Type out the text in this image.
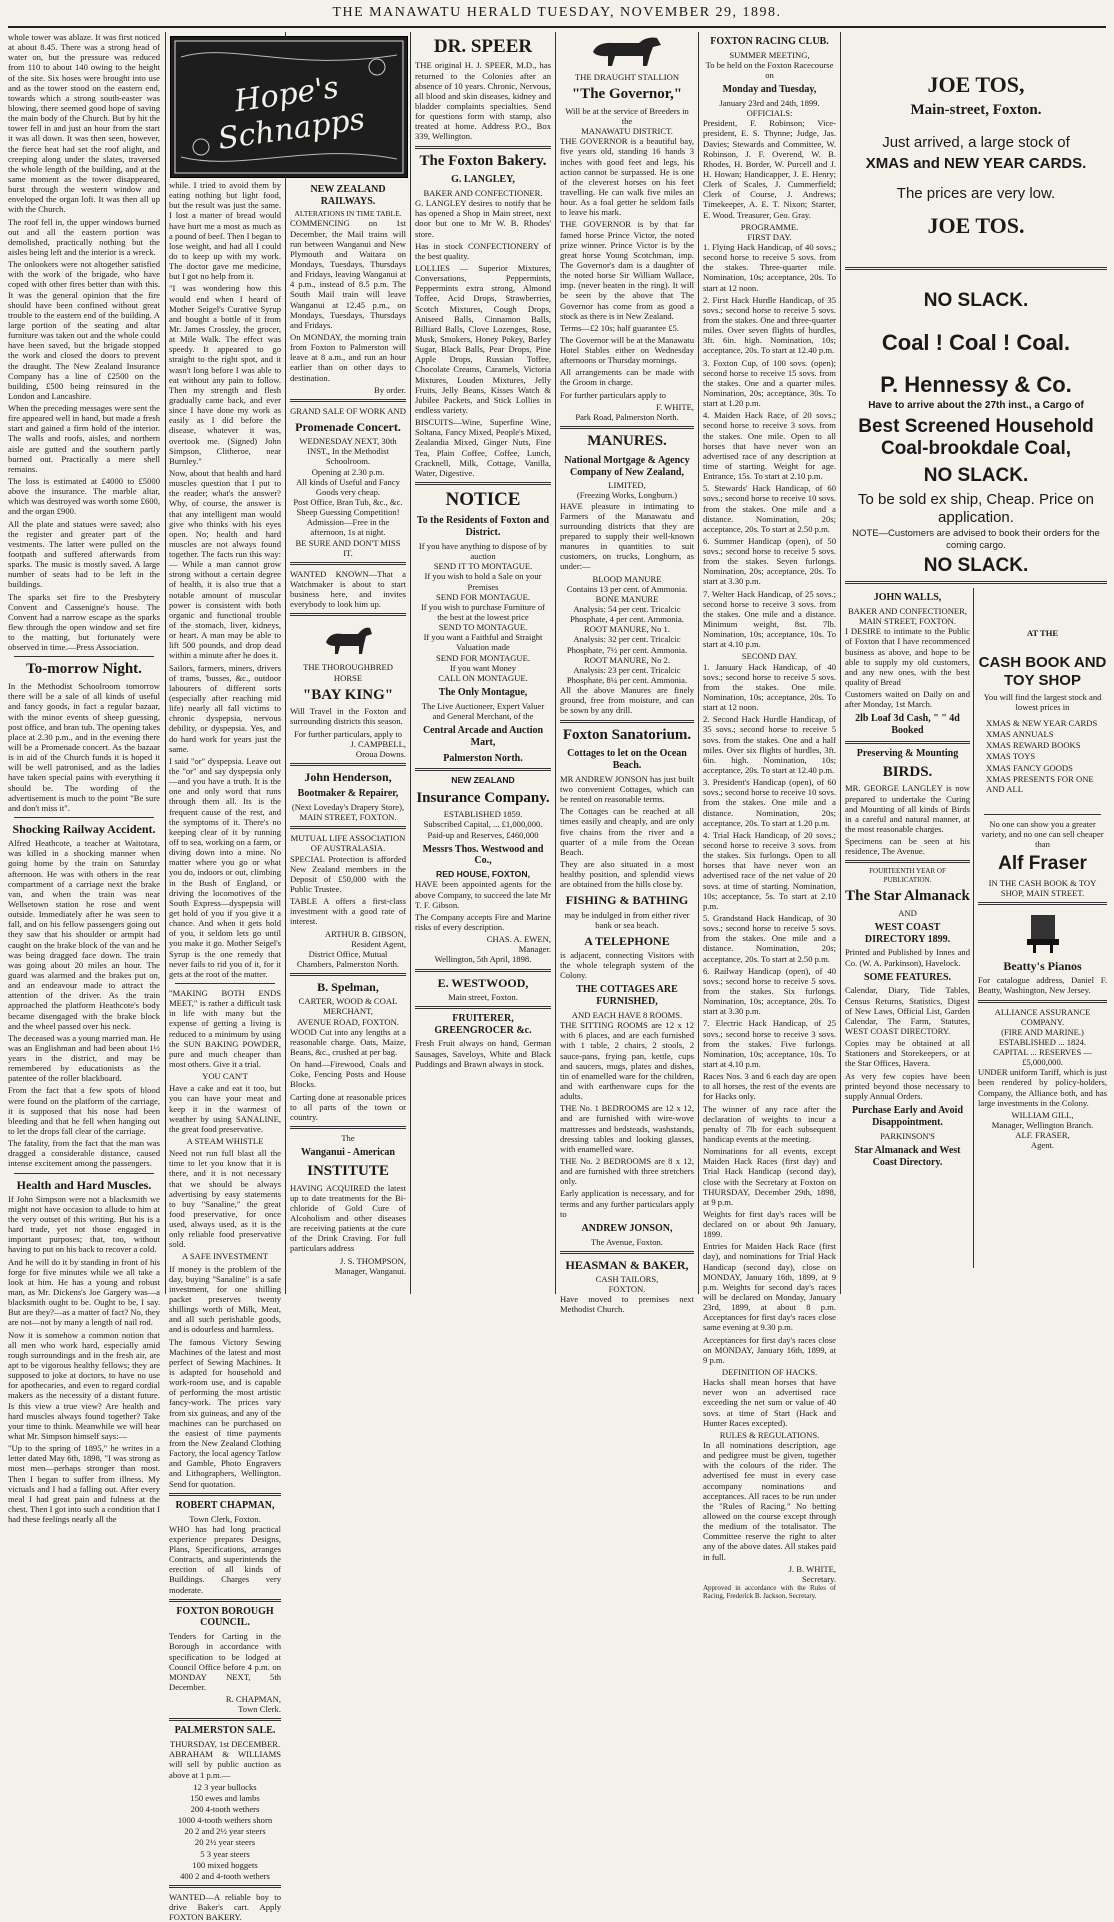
THE MANAWATU HERALD TUESDAY, NOVEMBER 29, 1898.

whole tower was ablaze. It was first noticed at about 8.45. There was a strong head of water on, but the pressure was reduced from 110 to about 140 owing to the height of the site. Six hoses were brought into use and as the tower stood on the eastern end, towards which a strong south-easter was blowing, there seemed good hope of saving the main body of the Church. But by hit the tower fell in and just an hour from the start it was all down. It was then seen, however, the fierce heat had set the roof alight, and creeping along under the slates, traversed the whole length of the building, and at the same moment as the tower disappeared, burst through the western window and enveloped the organ loft. It was then all up with the Church.

The roof fell in, the upper windows burned out and all the eastern portion was demolished, practically nothing but the aisles being left and the interior is a wreck.

The onlookers were not altogether satisfied with the work of the brigade, who have coped with other fires better than with this. It was the general opinion that the fire should have been confined without great trouble to the eastern end of the building. A large portion of the seating and altar furniture was taken out and the whole could have been saved, but the brigade stopped the work and closed the doors to prevent the draught. The New Zealand Insurance Company has a line of £2500 on the building, £500 being reinsured in the London and Lancashire.

When the preceding messages were sent the fire appeared well in hand, but made a fresh start and gained a firm hold of the interior. The walls and roofs, aisles, and northern aisle are gutted and the southern partly burned out. Practically a mere shell remains.

The loss is estimated at £4000 to £5000 above the insurance. The marble altar, which was destroyed was worth some £600, and the organ £900.

All the plate and statues were saved; also the register and greater part of the vestments. The latter were pulled on the footpath and suffered afterwards from sparks. The music is mostly saved. A large number of seats had to be left in the buildings.

The sparks set fire to the Presbytery Convent and Cassenigne's house. The Convent had a narrow escape as the sparks flew through the open window and set fire to the matting, but fortunately were observed in time.—Press Association.

To-morrow Night.

In the Methodist Schoolroom tomorrow there will be a sale of all kinds of useful and fancy goods, in fact a regular bazaar, with the minor events of sheep guessing, post office, and bran tub. The opening takes place at 2.30 p.m., and in the evening there will be a Promenade concert. As the bazaar is in aid of the Church funds it is hoped it will be well patronised, and as the ladies have taken special pains with everything it should be. The wording of the advertisement is much to the point "Be sure and don't miss it".

Shocking Railway Accident.

Alfred Heathcote, a teacher at Waitotara, was killed in a shocking manner when going home by the train on Saturday afternoon. He was with others in the rear compartment of a carriage next the brake van, and when the train was near Wellsetown station he rose and went outside. Immediately after he was seen to fall, and on his fellow passengers going out they saw that his shoulder or armpit had caught on the brake block of the van and he was being dragged face down. The train was going about 20 miles an hour. The guard was alarmed and the brakes put on, and an endeavour made to attract the attention of the driver. As the train approached the platform Heathcote's body became disengaged with the brake block and the wheel passed over his neck.

The deceased was a young married man. He was an Englishman and had been about 1½ years in the district, and may be remembered by educationists as the patentee of the roller blackboard.

From the fact that a few spots of blood were found on the platform of the carriage, it is supposed that his nose had been bleeding and that he fell when hanging out to let the drops fall clear of the carriage.

The fatality, from the fact that the man was dragged a considerable distance, caused intense excitement among the passengers.

Health and Hard Muscles.

If John Simpson were not a blacksmith we might not have occasion to allude to him at the very outset of this writing. But his is a hard trade, yet not those engaged in important purposes; that, too, without having to put on his back to recover a cold.

And he will do it by standing in front of his forge for five minutes while we all take a look at him. He has a young and robust man, as Mr. Dickens's Joe Gargery was—a blacksmith ought to be. Ought to be, I say. But are they?—as a matter of fact? No, they are not—not by many a length of nail rod.

Now it is somehow a common notion that all men who work hard, especially amid rough surroundings and in the fresh air, are apt to be vigorous healthy fellows; they are supposed to joke at doctors, to have no use for apothecaries, and even to regard cordial makers as the necessity of a distant future. Is this view a true view? Are health and hard muscles always found together? Take your time to think. Meanwhile we will hear what Mr. Simpson himself says:—

"Up to the spring of 1895," he writes in a letter dated May 6th, 1898, "I was strong as most men—perhaps stronger than most. Then I began to suffer from illness. My victuals and I had a falling out. After every meal I had great pain and fulness at the chest. Then I got into such a condition that I had these feelings nearly all the

Hope's Schnapps

while. I tried to avoid them by eating nothing but light food, but the result was just the same. I lost a matter of bread would have hurt me a most as much as a pound of beef. Then I began to lose weight, and had all I could do to keep up with my work. The doctor gave me medicine, but I got no help from it.

"I was wondering how this would end when I heard of Mother Seigel's Curative Syrup and bought a bottle of it from Mr. James Crossley, the grocer, at Mile Walk. The effect was speedy. It appeared to go straight to the right spot, and it wasn't long before I was able to eat without any pain to follow. Then my strength and flesh gradually came back, and ever since I have done my work as easily as I did before the disease, whatever it was, overtook me. (Signed) John Simpson, Clitheroe, near Burnley."

Now, about that health and hard muscles question that I put to the reader; what's the answer? Why, of course, the answer is that any intelligent man would give who thinks with his eyes open. No; health and hard muscles are not always found together. The facts run this way:— While a man cannot grow strong without a certain degree of health, it is also true that a notable amount of muscular power is consistent with both organic and functional trouble of the stomach, liver, kidneys, or heart. A man may be able to lift 500 pounds, and drop dead within a minute after he does it.

Sailors, farmers, miners, drivers of trams, 'busses, &c., outdoor labourers of different sorts (especially after reaching mid life) nearly all fall victims to chronic dyspepsia, nervous debility, or dyspepsia. Yes, and do hard work for years just the same.

I said "or" dyspepsia. Leave out the "or" and say dyspepsia only—and you have a truth. It is the one and only word that runs through them all. Its is the frequent cause of the rest, and the symptoms of it. There's no keeping clear of it by running off to sea, working on a farm, or diving down into a mine. No matter where you go or what you do, indoors or out, climbing in the Bush of England, or driving the locomotives of the South Express—dyspepsia will get hold of you if you give it a chance. And when it gets hold of you, it seldom lets go until you make it go. Mother Seigel's Syrup is the one remedy that never fails to rid you of it, for it gets at the root of the matter.

"MAKING BOTH ENDS MEET," is rather a difficult task in life with many but the expense of getting a living is reduced to a minimum by using the SUN BAKING POWDER, pure and much cheaper than most others. Give it a trial.

YOU CAN'T

Have a cake and eat it too, but you can have your meat and keep it in the warmest of weather by using SANALINE, the great food preservative.

A STEAM WHISTLE

Need not run full blast all the time to let you know that it is there, and it is not necessary that we should be always advertising by easy statements to buy "Sanaline," the great food preservative, for once used, always used, as it is the only reliable food preservative sold.

A SAFE INVESTMENT

If money is the problem of the day, buying "Sanaline" is a safe investment, for one shilling packet preserves twenty shillings worth of Milk, Meat, and all such perishable goods, and is odourless and harmless.

The famous Victory Sewing Machines of the latest and most perfect of Sewing Machines. It is adapted for household and work-room use, and is capable of performing the most artistic fancy-work. The prices vary from six guineas, and any of the machines can be purchased on the easiest of time payments from the New Zealand Clothing Factory, the local agency Tatlow and Gamble, Photo Engravers and Lithographers, Wellington. Send for quotation.

ROBERT CHAPMAN,
Town Clerk, Foxton.

WHO has had long practical experience prepares Designs, Plans, Specifications, arranges Contracts, and superintends the erection of all kinds of Buildings. Charges very moderate.

FOXTON BOROUGH COUNCIL.

Tenders for Carting in the Borough in accordance with specification to be lodged at Council Office before 4 p.m. on MONDAY NEXT, 5th December.

R. CHAPMAN,
Town Clerk.
PALMERSTON SALE.
THURSDAY, 1st DECEMBER.

ABRAHAM & WILLIAMS will sell by public auction as above at 1 p.m.—

12 3 year bullocks
150 ewes and lambs
200 4-tooth wethers
1000 4-tooth wethers shorn
20 2 and 2½ year steers
20 2½ year steers
5 3 year steers
100 mixed hoggets
400 2 and 4-tooth wethers

WANTED—A reliable boy to drive Baker's cart. Apply FOXTON BAKERY.

NEW ZEALAND RAILWAYS.
ALTERATIONS IN TIME TABLE.

COMMENCING on 1st December, the Mail trains will run between Wanganui and New Plymouth and Waitara on Mondays, Tuesdays, Thursdays and Fridays, leaving Wanganui at 4 p.m., instead of 8.5 p.m. The South Mail train will leave Wanganui at 12.45 p.m., on Mondays, Tuesdays, Thursdays and Fridays.

On MONDAY, the morning train from Foxton to Palmerston will leave at 8 a.m., and run an hour earlier than on other days to destination.

By order.
GRAND SALE OF WORK AND
Promenade Concert.
WEDNESDAY NEXT, 30th INST., In the Methodist Schoolroom.
Opening at 2.30 p.m.
All kinds of Useful and Fancy Goods very cheap.
Post Office, Bran Tub, &c., &c. Sheep Guessing Competition!
Admission—Free in the afternoon, 1s at night.
BE SURE AND DON'T MISS IT.

WANTED KNOWN—That a Watchmaker is about to start business here, and invites everybody to look him up.

THE THOROUGHBRED HORSE
"BAY KING"

Will Travel in the Foxton and surrounding districts this season.

For further particulars, apply to
J. CAMPBELL,
Oroua Downs.
John Henderson,
Bootmaker & Repairer,
(Next Loveday's Drapery Store), MAIN STREET, FOXTON.
MUTUAL LIFE ASSOCIATION OF AUSTRALASIA.

SPECIAL Protection is afforded New Zealand members in the Deposit of £50,000 with the Public Trustee.

TABLE A offers a first-class investment with a good rate of interest.

ARTHUR B. GIBSON,
Resident Agent,
District Office, Mutual Chambers, Palmerston North.
B. Spelman,
CARTER, WOOD & COAL MERCHANT,
AVENUE ROAD, FOXTON.

WOOD Cut into any lengths at a reasonable charge. Oats, Maize, Beans, &c., crushed at per bag.

On hand—Firewood, Coals and Coke, Fencing Posts and House Blocks.

Carting done at reasonable prices to all parts of the town or country.

The
Wanganui - American
INSTITUTE

HAVING ACQUIRED the latest up to date treatments for the Bi-chloride of Gold Cure of Alcoholism and other diseases are receiving patients at the cure of the Drink Craving. For full particulars address

J. S. THOMPSON,
Manager, Wanganui.
DR. SPEER

THE original H. J. SPEER, M.D., has returned to the Colonies after an absence of 10 years. Chronic, Nervous, all blood and skin diseases, kidney and bladder complaints specialties. Send for questions form with stamp, also treated at home. Address P.O., Box 339, Wellington.

The Foxton Bakery.
G. LANGLEY,
BAKER AND CONFECTIONER.

G. LANGLEY desires to notify that he has opened a Shop in Main street, next door but one to Mr W. B. Rhodes' store.

Has in stock CONFECTIONERY of the best quality.

LOLLIES — Superior Mixtures, Conversations, Peppermints, Peppermints extra strong, Almond Toffee, Acid Drops, Strawberries, Scotch Mixtures, Cough Drops, Aniseed Balls, Cinnamon Balls, Billiard Balls, Clove Lozenges, Rose, Musk, Smokers, Honey Pokey, Barley Sugar, Black Balls, Pear Drops, Pine Apple Drops, Russian Toffee, Chocolate Creams, Caramels, Victoria Mixtures, Louden Mixtures, Jelly Fruits, Jelly Beans, Kisses Watch & Jubilee Packets, and Stick Lollies in endless variety.

BISCUITS—Wine, Superfine Wine, Soltana, Fancy Mixed, People's Mixed, Zealandia Mixed, Ginger Nuts, Fine Tea, Plain Coffee, Coffee, Lunch, Cracknell, Milk, Cottage, Vanilla, Water, Digestive.

NOTICE
To the Residents of Foxton and District.
If you have anything to dispose of by auction
SEND IT TO MONTAGUE.
If you wish to hold a Sale on your Premises
SEND FOR MONTAGUE.
If you wish to purchase Furniture of the best at the lowest price
SEND TO MONTAGUE.
If you want a Faithful and Straight Valuation made
SEND FOR MONTAGUE.
If you want Money
CALL ON MONTAGUE.
The Only Montague,
The Live Auctioneer, Expert Valuer and General Merchant, of the
Central Arcade and Auction Mart,
Palmerston North.
NEW ZEALAND
Insurance Company.
ESTABLISHED 1859.
Subscribed Capital, ... £1,000,000. Paid-up and Reserves, £460,000
Messrs Thos. Westwood and Co.,
RED HOUSE, FOXTON,

HAVE been appointed agents for the above Company, to succeed the late Mr T. F. Gibson.

The Company accepts Fire and Marine risks of every description.

CHAS. A. EWEN,
Manager.
Wellington, 5th April, 1898.
E. WESTWOOD,
Main street, Foxton.
FRUITERER, GREENGROCER &c.

Fresh Fruit always on hand, German Sausages, Saveloys, White and Black Puddings and Brawn always in stock.

THE DRAUGHT STALLION
"The Governor,"
Will be at the service of Breeders in the
MANAWATU DISTRICT.

THE GOVERNOR is a beautiful bay, five years old, standing 16 hands 3 inches with good feet and legs, his action cannot be surpassed. He is one of the cleverest horses on his feet travelling. He can walk five miles an hour. As a foal getter he seldom fails to leave his mark.

THE GOVERNOR is by that far famed horse Prince Victor, the noted prize winner. Prince Victor is by the great horse Young Scotchman, imp. The Governor's dam is a daughter of the noted horse Sir William Wallace, imp. (never beaten in the ring). It will be seen by the above that The Governor has come from as good a stock as there is in New Zealand.

Terms—£2 10s; half guarantee £5.

The Governor will be at the Manawatu Hotel Stables either on Wednesday afternoons or Thursday mornings.

All arrangements can be made with the Groom in charge.

For further particulars apply to

F. WHITE,
Park Road, Palmerston North.
MANURES.
National Mortgage & Agency Company of New Zealand,
LIMITED,
(Freezing Works, Longburn.)

HAVE pleasure in intimating to Farmers of the Manawatu and surrounding districts that they are prepared to supply their well-known manures in quantities to suit customers, on trucks, Longburn, as under:—

BLOOD MANURE
Contains 13 per cent. of Ammonia.
BONE MANURE
Analysis: 54 per cent. Tricalcic Phosphate, 4 per cent. Ammonia.
ROOT MANURE, No 1.
Analysis: 32 per cent. Tricalcic Phosphate, 7½ per cent. Ammonia.
ROOT MANURE, No 2.
Analysis: 23 per cent. Tricalcic Phosphate, 8¼ per cent. Ammonia.

All the above Manures are finely ground, free from moisture, and can be sown by any drill.

Foxton Sanatorium.
Cottages to let on the Ocean Beach.

MR ANDREW JONSON has just built two convenient Cottages, which can be rented on reasonable terms.

The Cottages can be reached at all times easily and cheaply, and are only five chains from the river and a quarter of a mile from the Ocean Beach.

They are also situated in a most healthy position, and splendid views are obtained from the hills close by.

FISHING & BATHING
may be indulged in from either river bank or sea beach.
A TELEPHONE

is adjacent, connecting Visitors with the whole telegraph system of the Colony.

THE COTTAGES ARE FURNISHED,
AND EACH HAVE 8 ROOMS.

THE SITTING ROOMS are 12 x 12 with 6 places, and are each furnished with 1 table, 2 chairs, 2 stools, 2 sauce-pans, frying pan, kettle, cups and saucers, mugs, plates and dishes, tin of enamelled ware for the children, and with earthenware cups for the adults.

THE No. 1 BEDROOMS are 12 x 12, and are furnished with wire-wove mattresses and bedsteads, washstands, dressing tables and looking glasses, with enamelled ware.

THE No. 2 BEDROOMS are 8 x 12, and are furnished with three stretchers only.

Early application is necessary, and for terms and any further particulars apply to

ANDREW JONSON,
The Avenue, Foxton.
HEASMAN & BAKER,
CASH TAILORS,
FOXTON.

Have moved to premises next Methodist Church.

FOXTON RACING CLUB.
SUMMER MEETING,
To be held on the Foxton Racecourse on
Monday and Tuesday,
January 23rd and 24th, 1899.
OFFICIALS:

President, F. Robinson; Vice-president, E. S. Thynne; Judge, Jas. Davies; Stewards and Committee, W. Robinson, J. F. Overend, W. B. Rhodes, H. Border, W. Purcell and J. H. Howan; Handicapper, J. E. Henry; Clerk of Scales, J. Cummerfield; Clerk of Course, J. Andrews; Timekeeper, A. E. T. Nixon; Starter, E. Wood. Treasurer, Geo. Gray.

PROGRAMME.
FIRST DAY.

1. Flying Hack Handicap, of 40 sovs.; second horse to receive 5 sovs. from the stakes. Three-quarter mile. Nomination, 10s; acceptance, 20s. To start at 12 noon.

2. First Hack Hurdle Handicap, of 35 sovs.; second horse to receive 5 sovs. from the stakes. One and three-quarter miles. Over seven flights of hurdles, 3ft. 6in. high. Nomination, 10s; acceptance, 20s. To start at 12.40 p.m.

3. Foxton Cup, of 100 sovs. (open); second horse to receive 15 sovs. from the stakes. One and a quarter miles. Nomination, 20s; acceptance, 30s. To start at 1.20 p.m.

4. Maiden Hack Race, of 20 sovs.; second horse to receive 3 sovs. from the stakes. One mile. Open to all horses that have never won an advertised race of any description at time of starting. Weight for age. Entrance, 15s. To start at 2.10 p.m.

5. Stewards' Hack Handicap, of 60 sovs.; second horse to receive 10 sovs. from the stakes. One mile and a distance. Nomination, 20s; acceptance, 20s. To start at 2.50 p.m.

6. Summer Handicap (open), of 50 sovs.; second horse to receive 5 sovs. from the stakes. Seven furlongs. Nomination, 20s; acceptance, 20s. To start at 3.30 p.m.

7. Welter Hack Handicap, of 25 sovs.; second horse to receive 3 sovs. from the stakes. One mile and a distance. Minimum weight, 8st. 7lb. Nomination, 10s; acceptance, 10s. To start at 4.10 p.m.

SECOND DAY.

1. January Hack Handicap, of 40 sovs.; second horse to receive 5 sovs. from the stakes. One mile. Nomination, 10s; acceptance, 20s. To start at 12 noon.

2. Second Hack Hurdle Handicap, of 35 sovs.; second horse to receive 5 sovs. from the stakes. One and a half miles. Over six flights of hurdles, 3ft. 6in. high. Nomination, 10s; acceptance, 20s. To start at 12.40 p.m.

3. President's Handicap (open), of 60 sovs.; second horse to receive 10 sovs. from the stakes. One mile and a distance. Nomination, 20s; acceptance, 20s. To start at 1.20 p.m.

4. Trial Hack Handicap, of 20 sovs.; second horse to receive 3 sovs. from the stakes. Six furlongs. Open to all horses that have never won an advertised race of the net value of 20 sovs. at time of starting. Nomination, 10s; acceptance, 5s. To start at 2.10 p.m.

5. Grandstand Hack Handicap, of 30 sovs.; second horse to receive 5 sovs. from the stakes. One mile and a distance. Nomination, 20s; acceptance, 20s. To start at 2.50 p.m.

6. Railway Handicap (open), of 40 sovs.; second horse to receive 5 sovs. from the stakes. Six furlongs. Nomination, 10s; acceptance, 20s. To start at 3.30 p.m.

7. Electric Hack Handicap, of 25 sovs.; second horse to receive 3 sovs. from the stakes. Five furlongs. Nomination, 10s; acceptance, 10s. To start at 4.10 p.m.

Races Nos. 3 and 6 each day are open to all horses, the rest of the events are for Hacks only.

The winner of any race after the declaration of weights to incur a penalty of 7lb for each subsequent handicap events at the meeting.

Nominations for all events, except Maiden Hack Races (first day) and Trial Hack Handicap (second day), close with the Secretary at Foxton on THURSDAY, December 29th, 1898, at 9 p.m.

Weights for first day's races will be declared on or about 9th January, 1899.

Entries for Maiden Hack Race (first day), and nominations for Trial Hack Handicap (second day), close on MONDAY, January 16th, 1899, at 9 p.m. Weights for second day's races will be declared on Monday, January 23rd, 1899, at about 8 p.m. Acceptances for first day's races close same evening at 9.30 p.m.

Acceptances for first day's races close on MONDAY, January 16th, 1899, at 9 p.m.

DEFINITION OF HACKS.

Hacks shall mean horses that have never won an advertised race exceeding the net sum or value of 40 sovs. at time of Start (Hack and Hunter Races excepted).

RULES & REGULATIONS.

In all nominations description, age and pedigree must be given, together with the colours of the rider. The advertised fee must in every case accompany nominations and acceptances. All races to be run under the "Rules of Racing." No betting allowed on the course except through the medium of the totalisator. The Committee reserve the right to alter any of the above dates. All stakes paid in full.

J. B. WHITE,
Secretary.

Approved in accordance with the Rules of Racing, Frederick B. Jackson, Secretary.

JOE TOS,
Main-street, Foxton.
Just arrived, a large stock of
XMAS and NEW YEAR CARDS.
The prices are very low.
JOE TOS.
NO SLACK.
Coal ! Coal ! Coal.
P. Hennessy & Co.
Have to arrive about the 27th inst., a Cargo of
Best Screened Household Coal-brookdale Coal,
NO SLACK.
To be sold ex ship, Cheap. Price on application.
NOTE—Customers are advised to book their orders for the coming cargo.
NO SLACK.
JOHN WALLS,
BAKER AND CONFECTIONER,
MAIN STREET, FOXTON.

I DESIRE to intimate to the Public of Foxton that I have recommenced business as above, and hope to be able to supply my old customers, and any new ones, with the best quality of Bread

Customers waited on Daily on and after Monday, 1st March.

2lb Loaf 3d Cash, " " 4d Booked
Preserving & Mounting
BIRDS.

MR. GEORGE LANGLEY is now prepared to undertake the Curing and Mounting of all kinds of Birds in a careful and natural manner, at the most reasonable charges.

Specimens can be seen at his residence, The Avenue.

FOURTEENTH YEAR OF PUBLICATION.
The Star Almanack
AND
WEST COAST DIRECTORY 1899.

Printed and Published by Innes and Co. (W. A. Parkinson), Havelock.

SOME FEATURES.

Calendar, Diary, Tide Tables, Census Returns, Statistics, Digest of New Laws, Official List, Garden Calendar, The Farm, Statutes, WEST COAST DIRECTORY.

Copies may be obtained at all Stationers and Storekeepers, or at the Star Offices, Havera.

As very few copies have been printed beyond those necessary to supply Annual Orders.

Purchase Early and Avoid Disappointment.
PARKINSON'S
Star Almanack and West Coast Directory.
AT THE
CASH BOOK AND TOY SHOP
You will find the largest stock and lowest prices in
XMAS & NEW YEAR CARDS
XMAS ANNUALS
XMAS REWARD BOOKS
XMAS TOYS
XMAS FANCY GOODS
XMAS PRESENTS FOR ONE AND ALL
No one can show you a greater variety, and no one can sell cheaper than
Alf Fraser
IN THE CASH BOOK & TOY SHOP, MAIN STREET.
Beatty's Pianos

For catalogue address, Daniel F. Beatty, Washington, New Jersey.

ALLIANCE ASSURANCE COMPANY.
(FIRE AND MARINE.)
ESTABLISHED ... 1824.
CAPITAL ... RESERVES — £5,000,000.

UNDER uniform Tariff, which is just been rendered by policy-holders, Company, the Alliance both, and has large investments in the Colony.

WILLIAM GILL,
Manager, Wellington Branch.
ALF. FRASER,
Agent.
